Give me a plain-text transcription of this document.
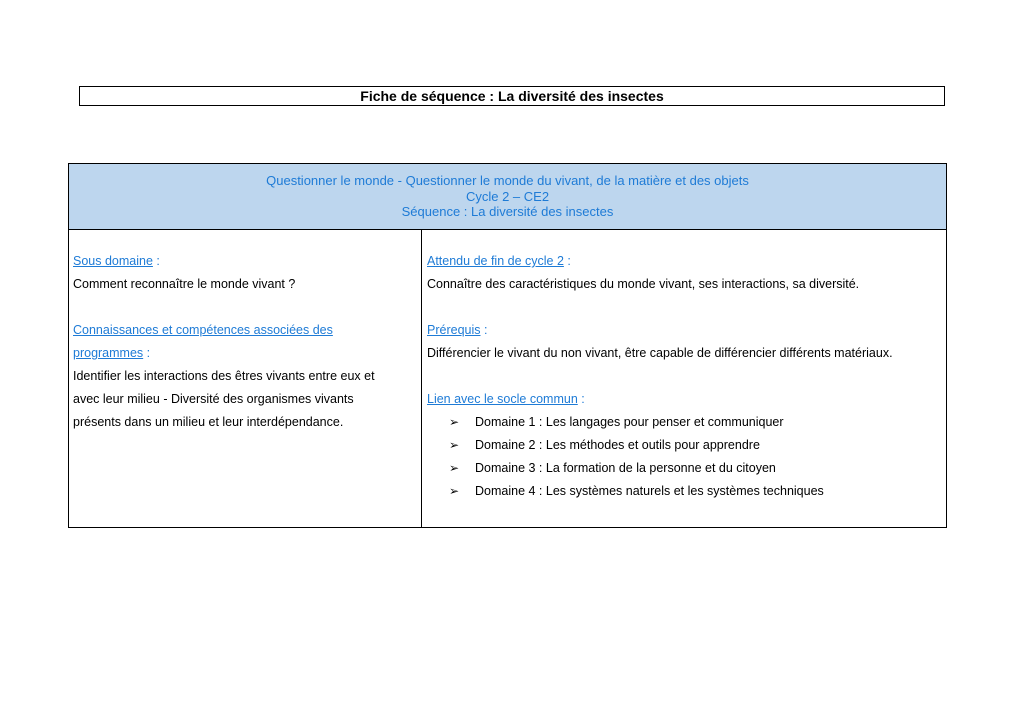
Fiche de séquence : La diversité des insectes
Questionner le monde - Questionner le monde du vivant, de la matière et des objets
Cycle 2 – CE2
Séquence : La diversité des insectes
Sous domaine :
Comment reconnaître le monde vivant ?
Connaissances et compétences associées des
programmes :
Identifier les interactions des êtres vivants entre eux et
avec leur milieu - Diversité des organismes vivants
présents dans un milieu et leur interdépendance.
Attendu de fin de cycle 2 :
Connaître des caractéristiques du monde vivant, ses interactions, sa diversité.
Prérequis :
Différencier le vivant du non vivant, être capable de différencier différents matériaux.
Lien avec le socle commun :
➢	Domaine 1 : Les langages pour penser et communiquer
➢	Domaine 2 : Les méthodes et outils pour apprendre
➢	Domaine 3 : La formation de la personne et du citoyen
➢	Domaine 4 : Les systèmes naturels et les systèmes techniques
